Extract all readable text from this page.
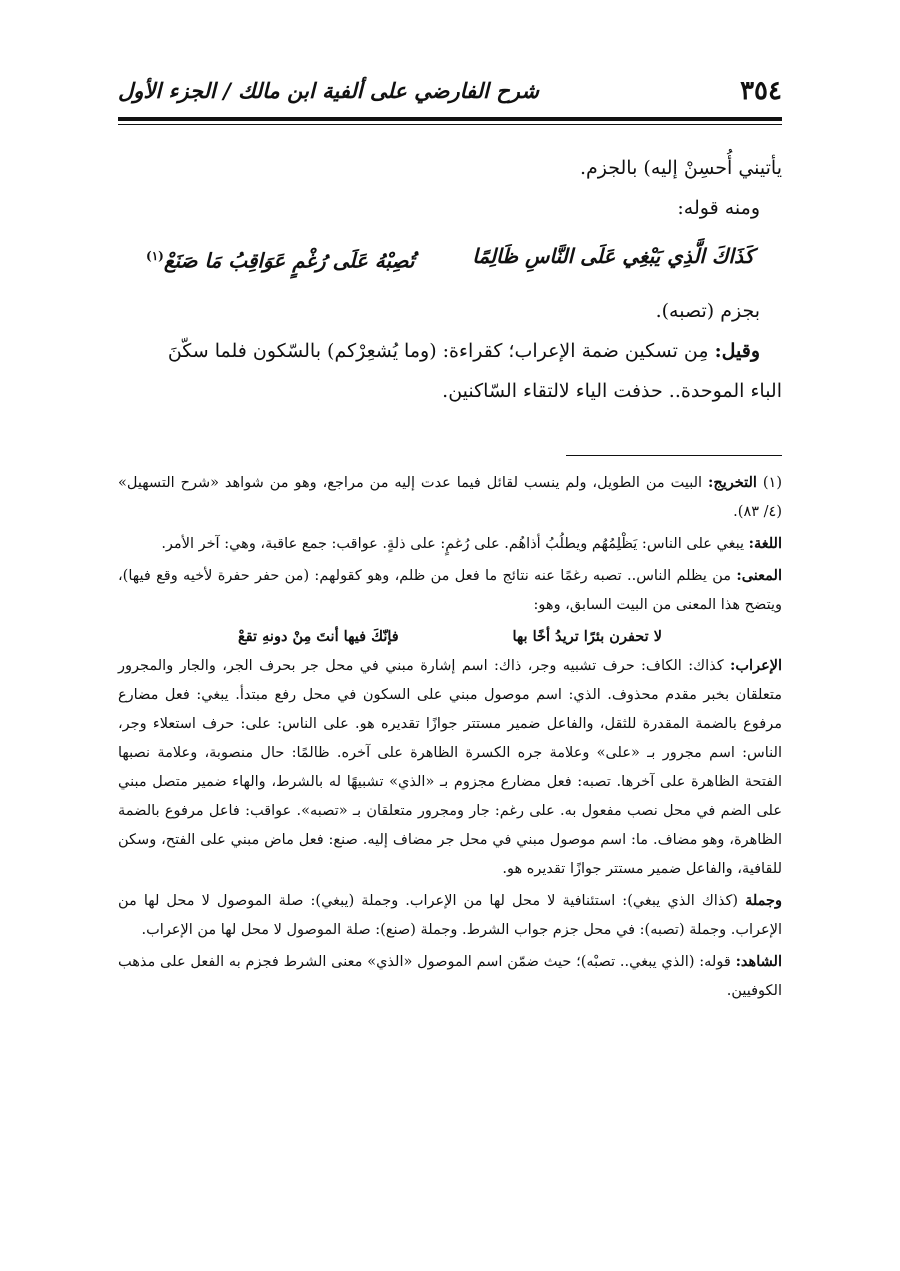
٣٥٤
شرح الفارضي على ألفية ابن مالك / الجزء الأول

يأتيني أُحسِنْ إليه) بالجزم.

ومنه قوله:

كَذَاكَ الَّذِي يَبْغِي عَلَى النَّاسِ ظَالِمًا
تُصِبْهُ عَلَى رُغْمٍ عَوَاقِبُ مَا صَنَعْ$^{(١)}$

بجزم (تصبه).

وقيل: مِن تسكين ضمة الإعراب؛ كقراءة: (وما يُشعِرْكم) بالسّكون فلما سكّنَ

الباء الموحدة.. حذفت الياء لالتقاء السّاكنين.

(١) التخريج: البيت من الطويل، ولم ينسب لقائل فيما عدت إليه من مراجع، وهو من شواهد «شرح التسهيل» (٤/ ٨٣).

اللغة: يبغي على الناس: يَظْلِمُهُم ويطلُبُ أذاهُم. على رُغمٍ: على ذلةٍ. عواقب: جمع عاقبة، وهي: آخر الأمر.

المعنى: من يظلم الناس.. تصبه رغمًا عنه نتائج ما فعل من ظلم، وهو كقولهم: (من حفر حفرة لأخيه وقع فيها)، ويتضح هذا المعنى من البيت السابق، وهو:

لا تحفرن بئرًا تريدُ أخًا بها
فإنّكَ فيها أنتَ مِنْ دونهِ تقعْ

الإعراب: كذاك: الكاف: حرف تشبيه وجر، ذاك: اسم إشارة مبني في محل جر بحرف الجر، والجار والمجرور متعلقان بخبر مقدم محذوف. الذي: اسم موصول مبني على السكون في محل رفع مبتدأ. يبغي: فعل مضارع مرفوع بالضمة المقدرة للثقل، والفاعل ضمير مستتر جوازًا تقديره هو. على الناس: على: حرف استعلاء وجر، الناس: اسم مجرور بـ «على» وعلامة جره الكسرة الظاهرة على آخره. ظالمًا: حال منصوبة، وعلامة نصبها الفتحة الظاهرة على آخرها. تصبه: فعل مضارع مجزوم بـ «الذي» تشبيهًا له بالشرط، والهاء ضمير متصل مبني على الضم في محل نصب مفعول به. على رغم: جار ومجرور متعلقان بـ «تصبه». عواقب: فاعل مرفوع بالضمة الظاهرة، وهو مضاف. ما: اسم موصول مبني في محل جر مضاف إليه. صنع: فعل ماض مبني على الفتح، وسكن للقافية، والفاعل ضمير مستتر جوازًا تقديره هو.

وجملة (كذاك الذي يبغي): استئنافية لا محل لها من الإعراب. وجملة (يبغي): صلة الموصول لا محل لها من الإعراب. وجملة (تصبه): في محل جزم جواب الشرط. وجملة (صنع): صلة الموصول لا محل لها من الإعراب.

الشاهد: قوله: (الذي يبغي.. تصبْه)؛ حيث ضمّن اسم الموصول «الذي» معنى الشرط فجزم به الفعل على مذهب الكوفيين.
